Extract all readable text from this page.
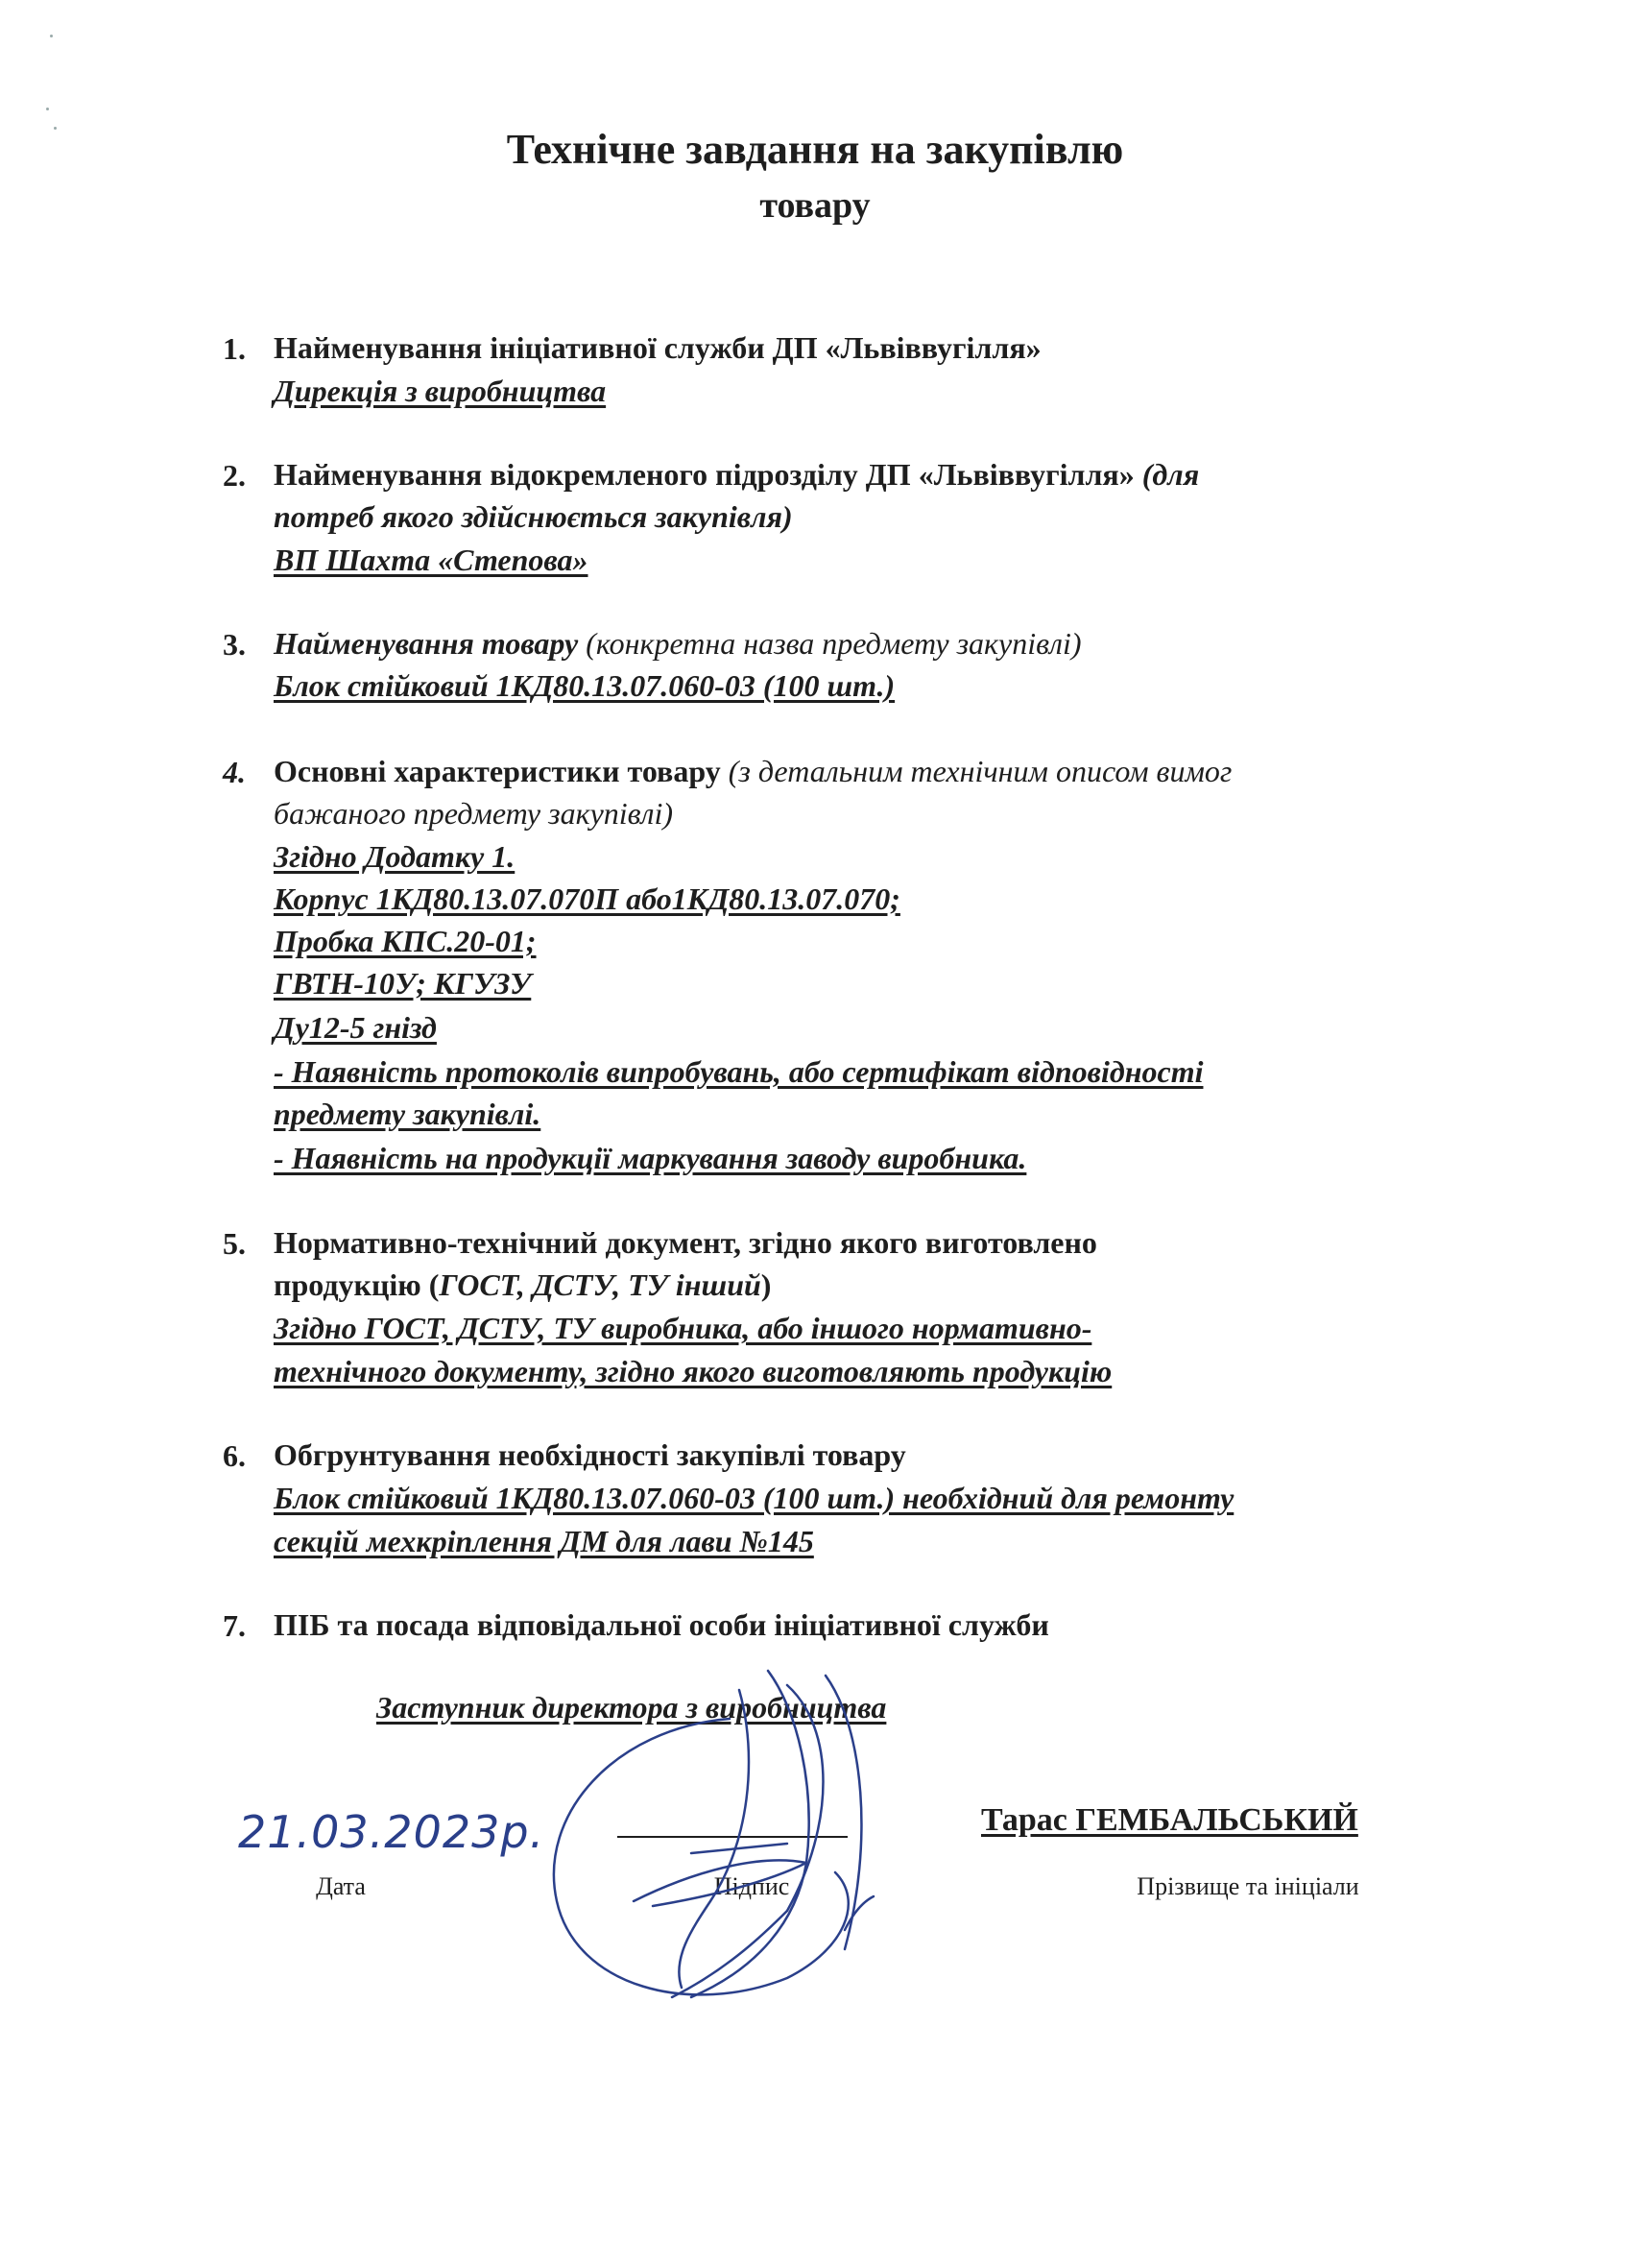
Технічне завдання на закупівлю
товару
1. Найменування ініціативної служби ДП «Львіввугілля»
Дирекція з виробництва
2. Найменування відокремленого підрозділу ДП «Львіввугілля» (для
потреб якого здійснюється закупівля)
ВП Шахта «Степова»
3. Найменування товару (конкретна назва предмету закупівлі)
Блок стійковий 1КД80.13.07.060-03 (100 шт.)
4. Основні характеристики товару (з детальним технічним описом вимог
бажаного предмету закупівлі)
Згідно Додатку 1.
Корпус 1КД80.13.07.070П або1КД80.13.07.070;
Пробка КПС.20-01;
ГВТН-10У; КГУЗУ
Ду12-5 гнізд
- Наявність протоколів випробувань, або сертифікат відповідності
предмету закупівлі.
- Наявність на продукції маркування заводу виробника.
5. Нормативно-технічний документ, згідно якого виготовлено
продукцію (ГОСТ, ДСТУ, ТУ інший)
Згідно ГОСТ, ДСТУ, ТУ виробника, або іншого нормативно-
технічного документу, згідно якого виготовляють продукцію
6. Обгрунтування необхідності закупівлі товару
Блок стійковий 1КД80.13.07.060-03 (100 шт.) необхідний для ремонту
секцій мехкріплення ДМ для лави №145
7. ПІБ та посада відповідальної особи ініціативної служби
Заступник директора з виробництва
21.03.2023р.
Дата	Підпис
Тарас ГЕМБАЛЬСЬКИЙ
Прізвище та ініціали
